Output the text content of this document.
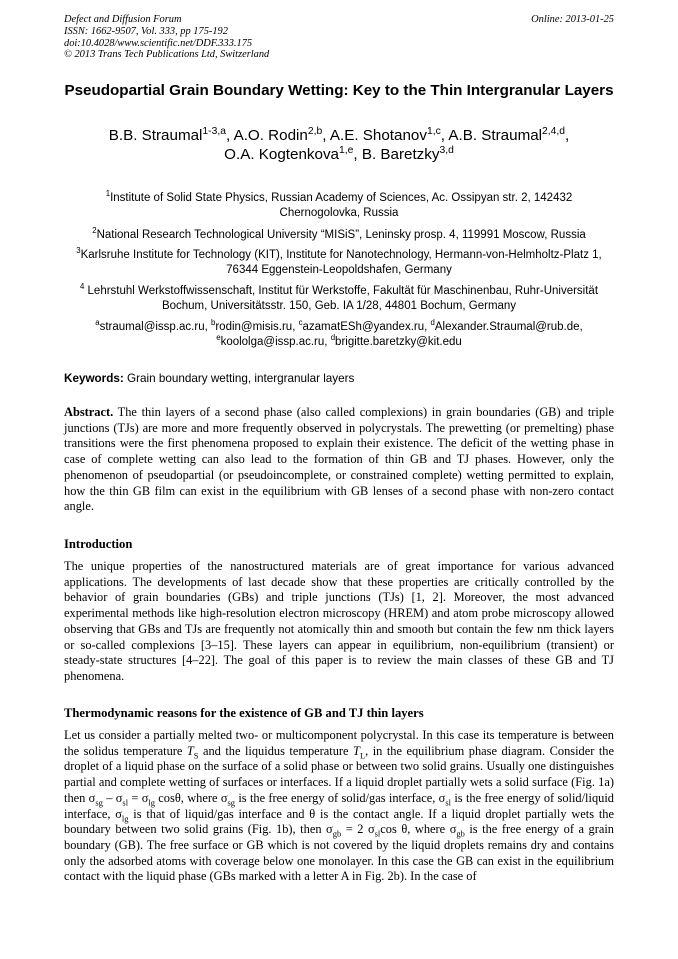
Defect and Diffusion Forum
ISSN: 1662-9507, Vol. 333, pp 175-192
doi:10.4028/www.scientific.net/DDF.333.175
© 2013 Trans Tech Publications Ltd, Switzerland
Online: 2013-01-25
Pseudopartial Grain Boundary Wetting: Key to the Thin Intergranular Layers
B.B. Straumal$^{1-3,a}$, A.O. Rodin$^{2,b}$, A.E. Shotanov$^{1,c}$, A.B. Straumal$^{2,4,d}$,
O.A. Kogtenkova$^{1,e}$, B. Baretzky$^{3,d}$
$^1$Institute of Solid State Physics, Russian Academy of Sciences, Ac. Ossipyan str. 2, 142432 Chernogolovka, Russia
$^2$National Research Technological University “MISiS”, Leninsky prosp. 4, 119991 Moscow, Russia
$^3$Karlsruhe Institute for Technology (KIT), Institute for Nanotechnology, Hermann-von-Helmholtz-Platz 1, 76344 Eggenstein-Leopoldshafen, Germany
$^4$ Lehrstuhl Werkstoffwissenschaft, Institut für Werkstoffe, Fakultät für Maschinenbau, Ruhr-Universität Bochum, Universitätsstr. 150, Geb. IA 1/28, 44801 Bochum, Germany
$^a$straumal@issp.ac.ru, $^b$rodin@misis.ru, $^c$azamatESh@yandex.ru, $^d$Alexander.Straumal@rub.de,
$^e$koololga@issp.ac.ru, $^d$brigitte.baretzky@kit.edu
Keywords: Grain boundary wetting, intergranular layers
Abstract. The thin layers of a second phase (also called complexions) in grain boundaries (GB) and triple junctions (TJs) are more and more frequently observed in polycrystals. The prewetting (or premelting) phase transitions were the first phenomena proposed to explain their existence. The deficit of the wetting phase in case of complete wetting can also lead to the formation of thin GB and TJ phases. However, only the phenomenon of pseudopartial (or pseudoincomplete, or constrained complete) wetting permitted to explain, how the thin GB film can exist in the equilibrium with GB lenses of a second phase with non-zero contact angle.
Introduction
The unique properties of the nanostructured materials are of great importance for various advanced applications. The developments of last decade show that these properties are critically controlled by the behavior of grain boundaries (GBs) and triple junctions (TJs) [1, 2]. Moreover, the most advanced experimental methods like high-resolution electron microscopy (HREM) and atom probe microscopy allowed observing that GBs and TJs are frequently not atomically thin and smooth but contain the few nm thick layers or so-called complexions [3–15]. These layers can appear in equilibrium, non-equilibrium (transient) or steady-state structures [4–22]. The goal of this paper is to review the main classes of these GB and TJ phenomena.
Thermodynamic reasons for the existence of GB and TJ thin layers
Let us consider a partially melted two- or multicomponent polycrystal. In this case its temperature is between the solidus temperature $T_S$ and the liquidus temperature $T_L$, in the equilibrium phase diagram. Consider the droplet of a liquid phase on the surface of a solid phase or between two solid grains. Usually one distinguishes partial and complete wetting of surfaces or interfaces. If a liquid droplet partially wets a solid surface (Fig. 1a) then $\sigma_{sg} - \sigma_{sl} = \sigma_{lg}$ cosθ, where $\sigma_{sg}$ is the free energy of solid/gas interface, $\sigma_{sl}$ is the free energy of solid/liquid interface, $\sigma_{lg}$ is that of liquid/gas interface and θ is the contact angle. If a liquid droplet partially wets the boundary between two solid grains (Fig. 1b), then $\sigma_{gb} = 2$ $\sigma_{sl}\cos$ θ, where $\sigma_{gb}$ is the free energy of a grain boundary (GB). The free surface or GB which is not covered by the liquid droplets remains dry and contains only the adsorbed atoms with coverage below one monolayer. In this case the GB can exist in the equilibrium contact with the liquid phase (GBs marked with a letter A in Fig. 2b). In the case of
